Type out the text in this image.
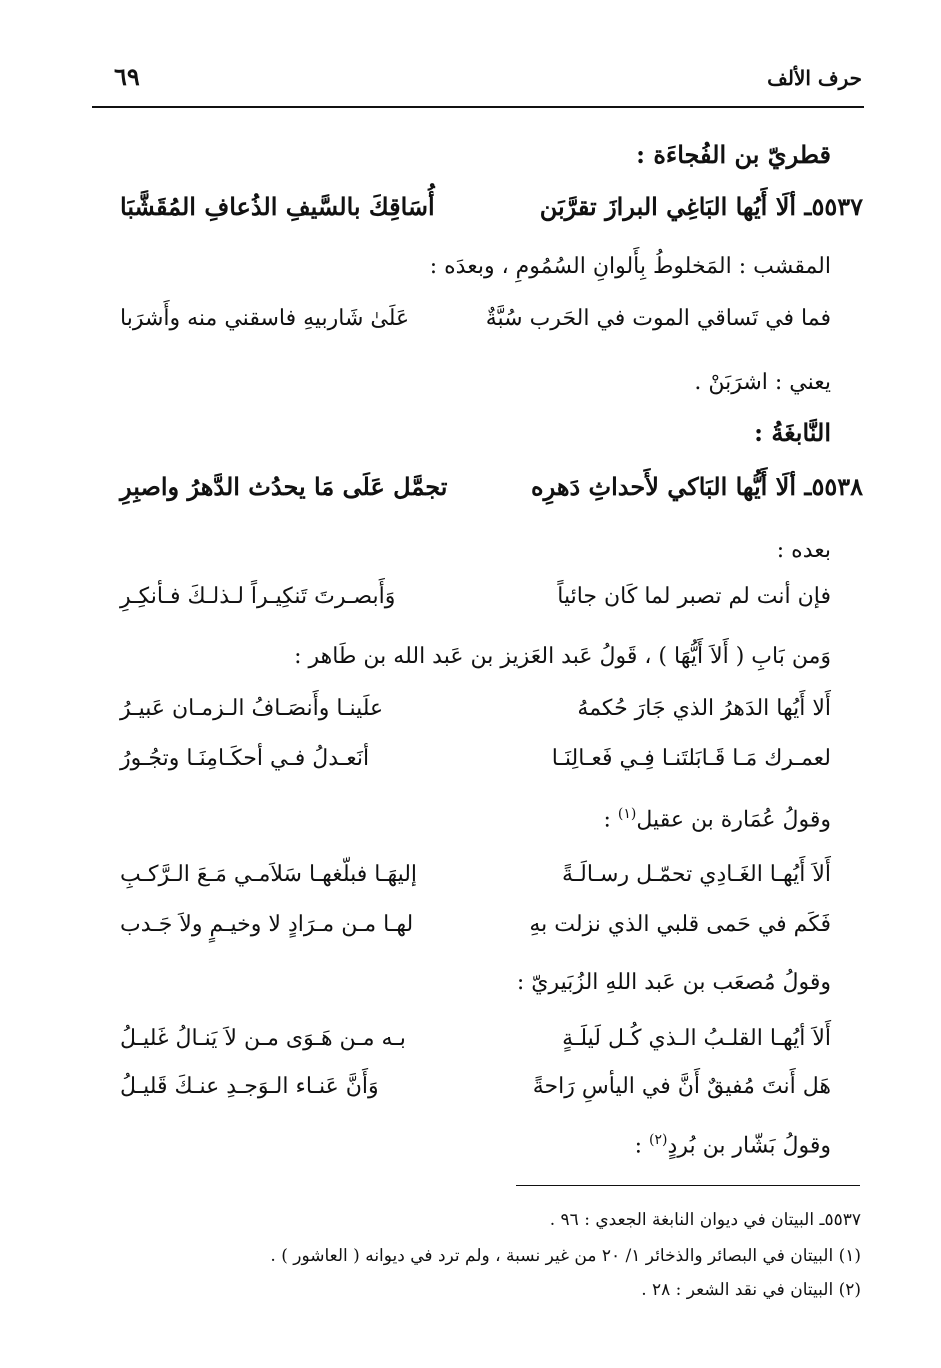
حرف الألف
٦٩
قطريّ بن الفُجاءَة :
٥٥٣٧ـ ألَا أَيُها البَاغِي البرازَ تقرَّبَن
أُسَاقِكَ بالسَّيفِ الذُعافِ المُقَشَّبَا
المقشب : المَخلوطُ بِأَلوانِ السُمُومِ ، وبعدَه :
فما في تَساقي الموت في الحَرب سُبَّةٌ
عَلَىٰ شَاربيهِ فاسقني منه وأَشرَبا
يعني : اشرَبَنْ .
النَّابغَةُ :
٥٥٣٨ـ ألَا أَيُّها البَاكي لأَحداثِ دَهرِه
تجمَّل عَلَى مَا يحدُث الدَّهرُ واصبِرِ
بعده :
فإن أنت لم تصبر لما كَان جائياً
وَأَبصـرتَ تَنكِيـراً لـذلـكَ فـأنكِـرِ
وَمن بَابِ ( أَلاَ أَيُّهَا ) ، قَولُ عَبد العَزيز بن عَبد الله بن طَاهر :
أَلا أَيُها الدَهرُ الذي جَارَ حُكمهُ
علَينـا وأَنصَـافُ الـزمـان عَبيـرُ
لعمـرك مَـا قَـابَلتَنـا فِـي فَعـالِنَـا
أنَعـدلُ فـي أحكَـامِنَـا وتجُـورُ
وقولُ عُمَارة بن عقيل$^{(١)}$ :
أَلاَ أَيُهـا الغَـادِي تحمّـل رسـالَـةً
إليهَـا فبلّغهـا سَلاَمـي مَـعَ الـرَّكـبِ
فَكَم في حَمى قلبي الذي نزلت بهِ
لهـا مـن مـرَادٍ لا وخيـمٍ ولاَ جَـدب
وقولُ مُصعَب بن عَبد اللهِ الزُبَيريّ :
أَلاَ أيُهـا القلـبُ الـذي كُـل لَيلَـةٍ
بـه مـن هَـوَى مـن لاَ يَنـالُ غَليـلُ
هَل أَنتَ مُفيقٌ أَنَّ في اليأسِ رَاحةً
وَأَنَّ عَنـاء الـوَجـدِ عنـكَ قَليـلُ
وقولُ بَشّار بن بُردٍ$^{(٢)}$ :
٥٥٣٧ـ البيتان في ديوان النابغة الجعدي : ٩٦ .
(١) البيتان في البصائر والذخائر ١/ ٢٠ من غير نسبة ، ولم ترد في ديوانه ( العاشور ) .
(٢) البيتان في نقد الشعر : ٢٨ .
